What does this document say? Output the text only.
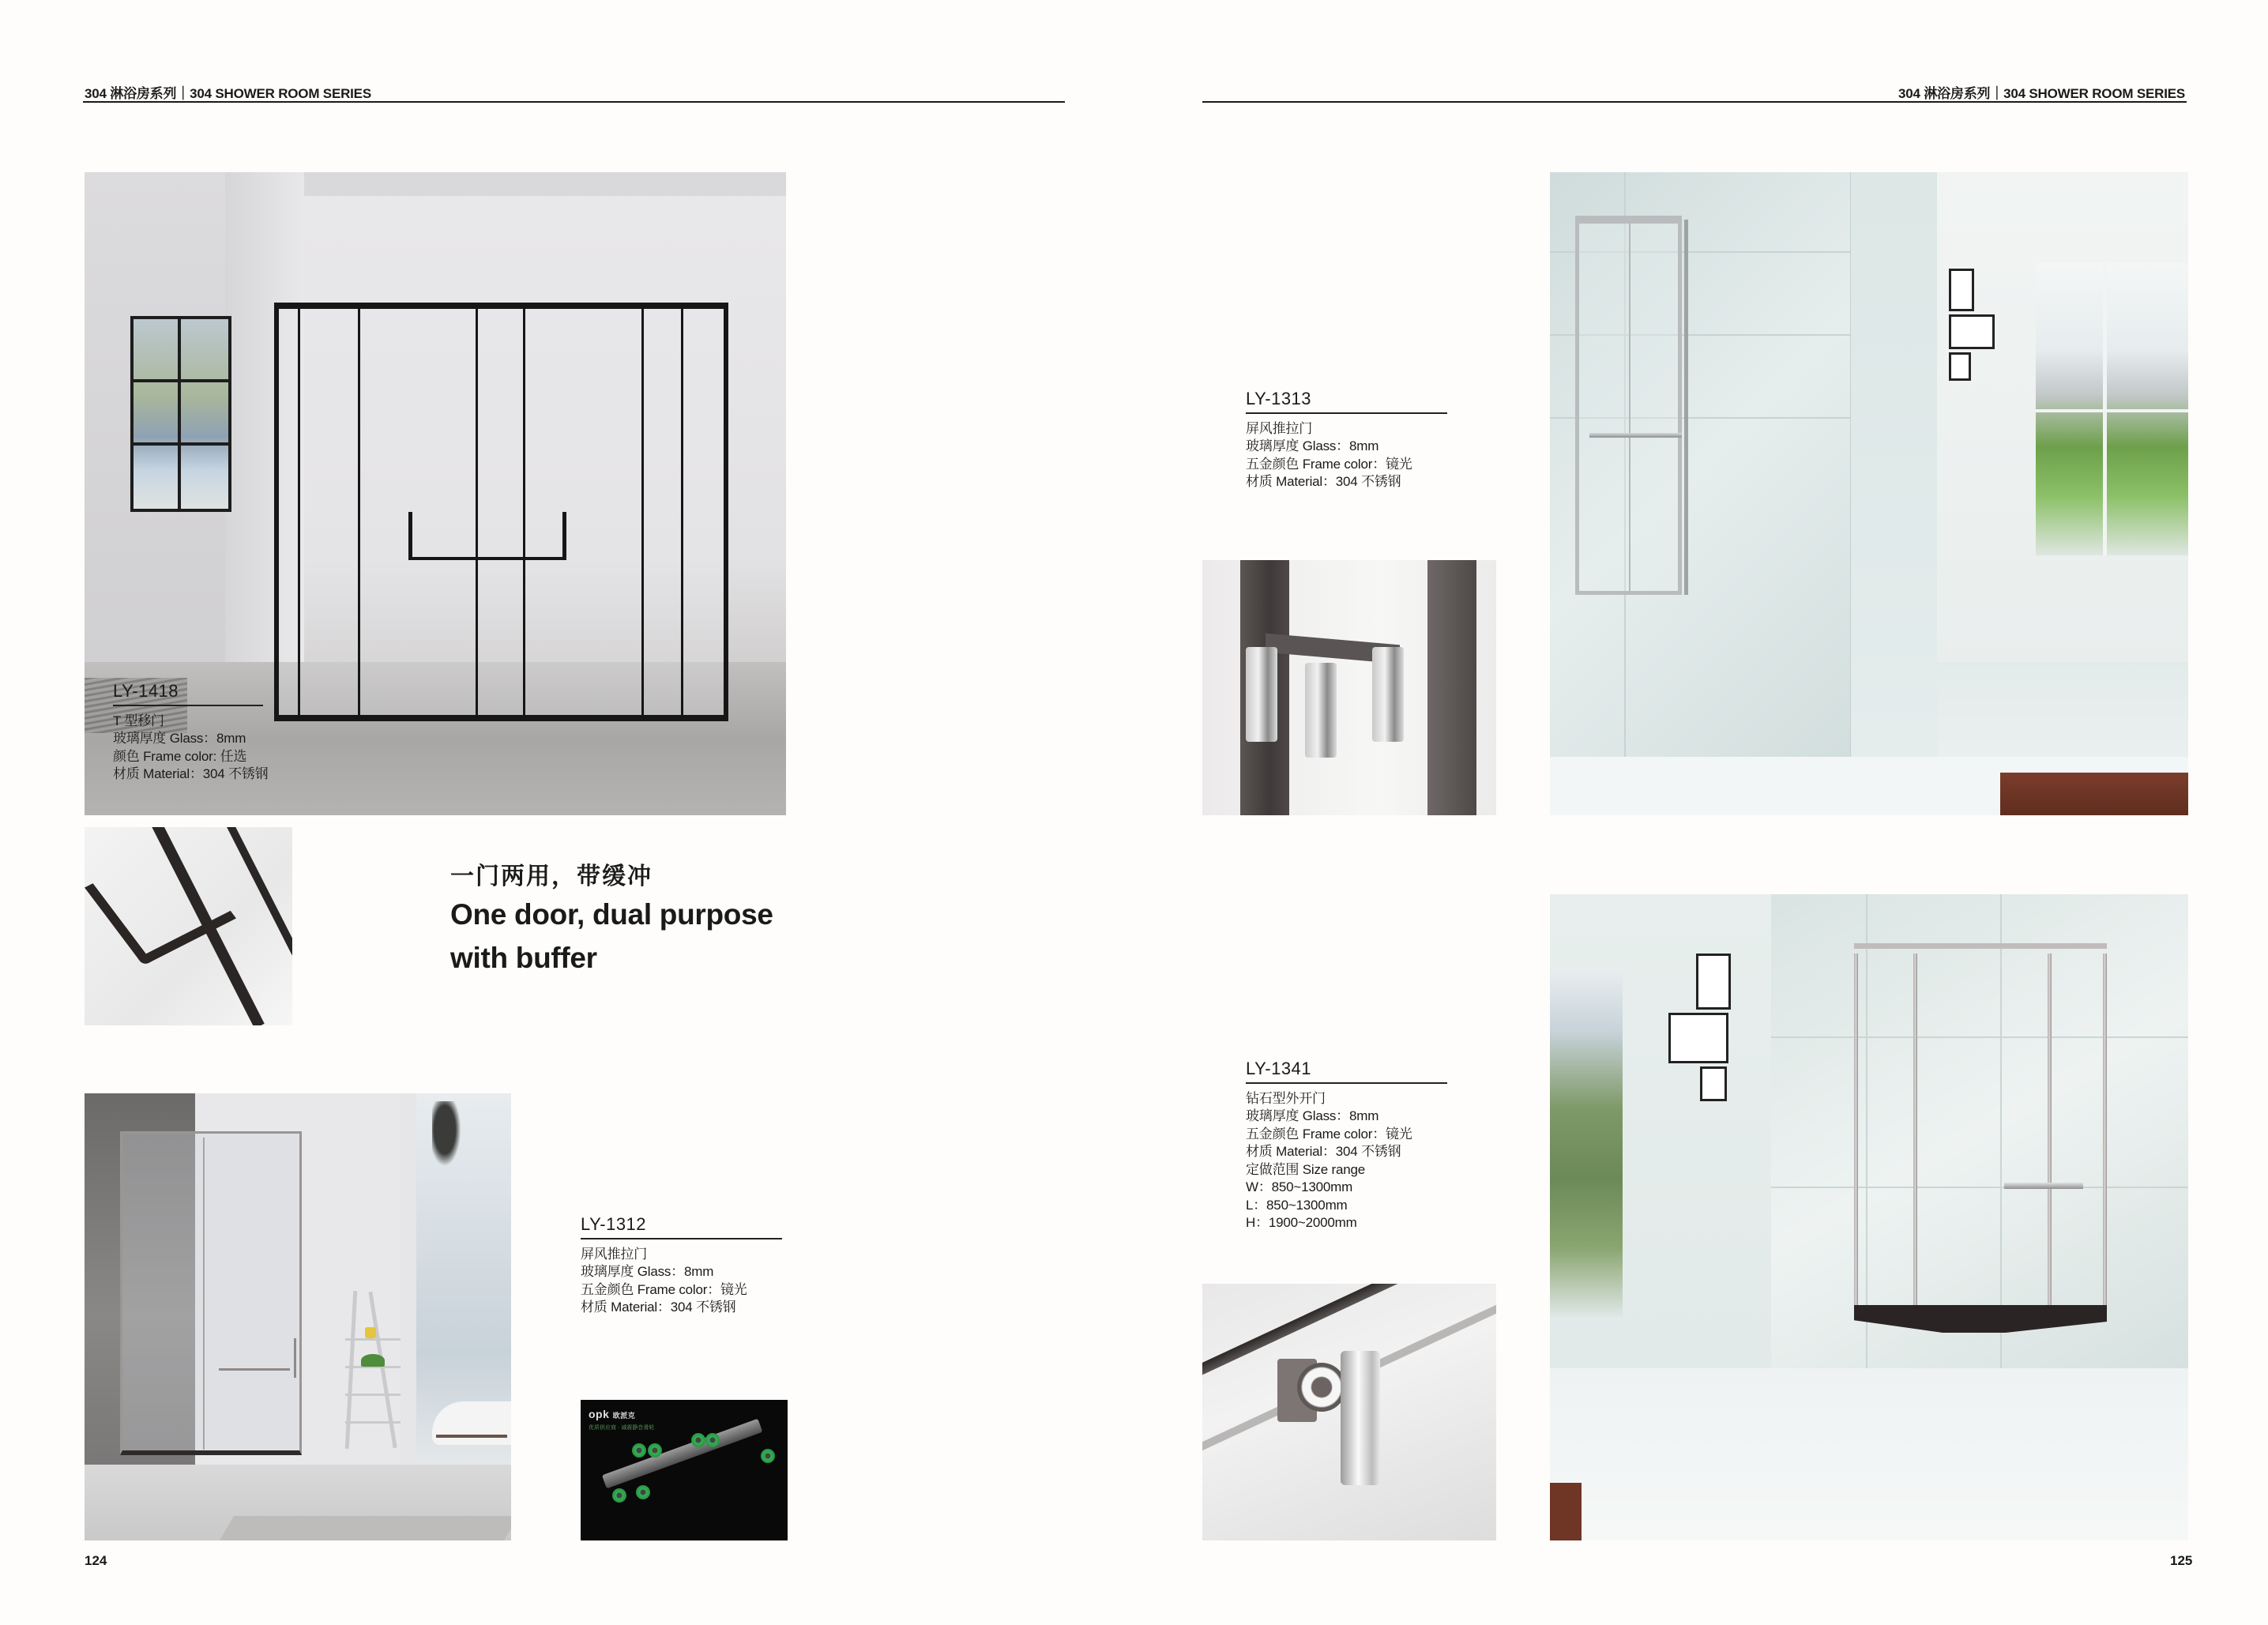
304 淋浴房系列｜304 SHOWER ROOM SERIES	304 淋浴房系列｜304 SHOWER ROOM SERIES
LY-1418
T 型移门
玻璃厚度 Glass：8mm
颜色 Frame color: 任选
材质 Material：304 不锈钢
一门两用，带缓冲
One door, dual purpose
with buffer
LY-1312
屏风推拉门
玻璃厚度 Glass：8mm
五金颜色 Frame color：镜光
材质 Material：304 不锈钢
opk 欧派克
优质供应商 · 减震静音滑轮
124
LY-1313
屏风推拉门
玻璃厚度 Glass：8mm
五金颜色 Frame color：镜光
材质 Material：304 不锈钢
LY-1341
钻石型外开门
玻璃厚度 Glass：8mm
五金颜色 Frame color：镜光
材质 Material：304 不锈钢
定做范围 Size range
W：850~1300mm
L：850~1300mm
H：1900~2000mm
125
